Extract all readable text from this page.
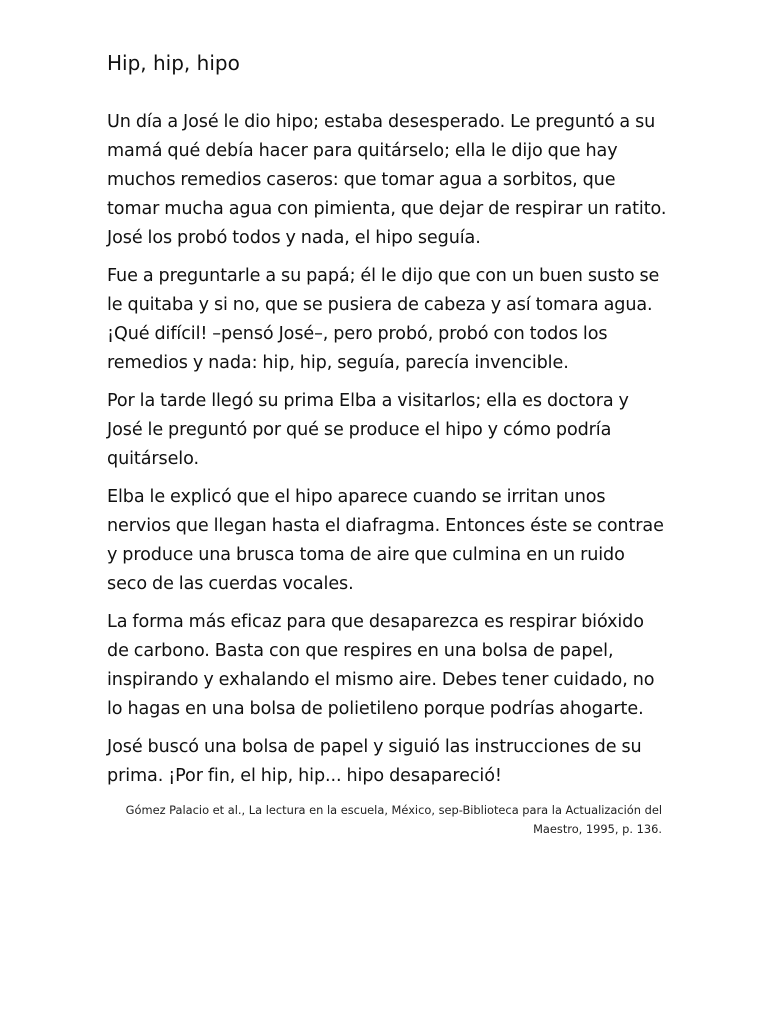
Hip, hip, hipo

Un día a José le dio hipo; estaba desesperado. Le preguntó a su mamá qué debía hacer para quitárselo; ella le dijo que hay muchos remedios caseros: que tomar agua a sorbitos, que tomar mucha agua con pimienta, que dejar de respirar un ratito. José los probó todos y nada, el hipo seguía.

Fue a preguntarle a su papá; él le dijo que con un buen susto se le quitaba y si no, que se pusiera de cabeza y así tomara agua. ¡Qué difícil! –pensó José–, pero probó, probó con todos los remedios y nada: hip, hip, seguía, parecía invencible.

Por la tarde llegó su prima Elba a visitarlos; ella es doctora y José le preguntó por qué se produce el hipo y cómo podría quitárselo.

Elba le explicó que el hipo aparece cuando se irritan unos nervios que llegan hasta el diafragma. Entonces éste se contrae y produce una brusca toma de aire que culmina en un ruido seco de las cuerdas vocales.

La forma más eficaz para que desaparezca es respirar bióxido de carbono. Basta con que respires en una bolsa de papel, inspirando y exhalando el mismo aire. Debes tener cuidado, no lo hagas en una bolsa de polietileno porque podrías ahogarte.

José buscó una bolsa de papel y siguió las instrucciones de su prima. ¡Por fin, el hip, hip... hipo desapareció!

Gómez Palacio et al., La lectura en la escuela, México, sep-Biblioteca para la Actualización del Maestro, 1995, p. 136.
